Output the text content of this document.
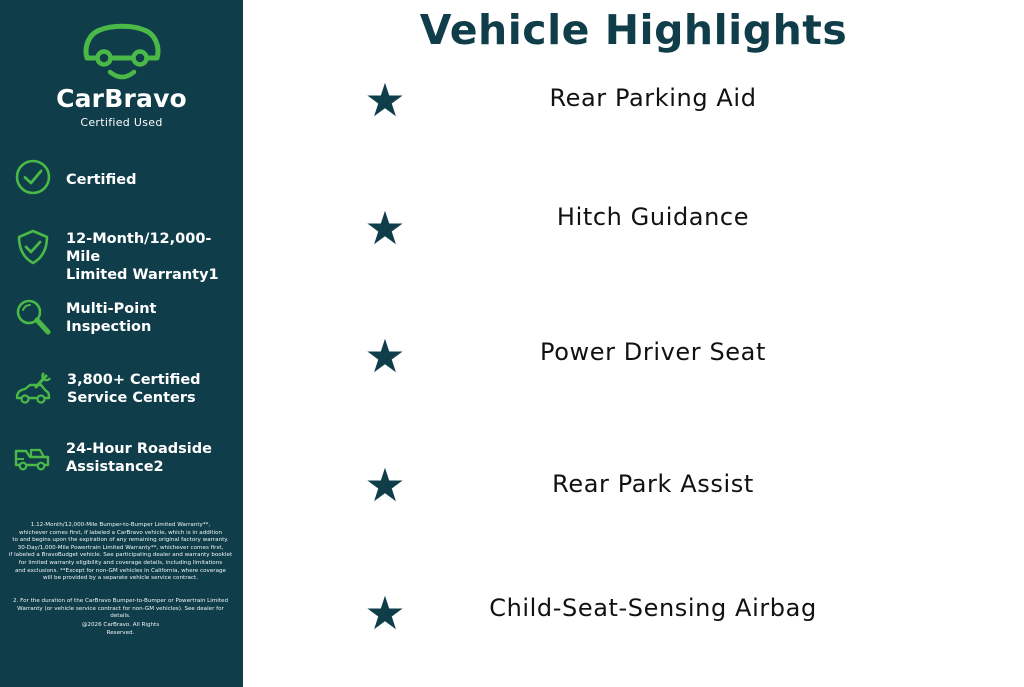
CarBravo
Certified Used
Certified
12-Month/12,000-Mile
Limited Warranty1
Multi-Point
Inspection
3,800+ Certified
Service Centers
24-Hour Roadside
Assistance2
1.12-Month/12,000-Mile Bumper-to-Bumper Limited Warranty**,
whichever comes first, if labeled a CarBravo vehicle, which is in addition
to and begins upon the expiration of any remaining original factory warranty.
30-Day/1,000-Mile Powertrain Limited Warranty**, whichever comes first,
if labeled a BravoBudget vehicle. See participating dealer and warranty booklet
for limited warranty eligibility and coverage details, including limitations
and exclusions. **Except for non-GM vehicles in California, where coverage
will be provided by a separate vehicle service contract.
2. For the duration of the CarBravo Bumper-to-Bumper or Powertrain Limited
Warranty (or vehicle service contract for non-GM vehicles). See dealer for
details.
@2026 CarBravo. All Rights
Reserved.
Vehicle Highlights
★	Rear Parking Aid
★	Hitch Guidance
★	Power Driver Seat
★	Rear Park Assist
★	Child-Seat-Sensing Airbag
